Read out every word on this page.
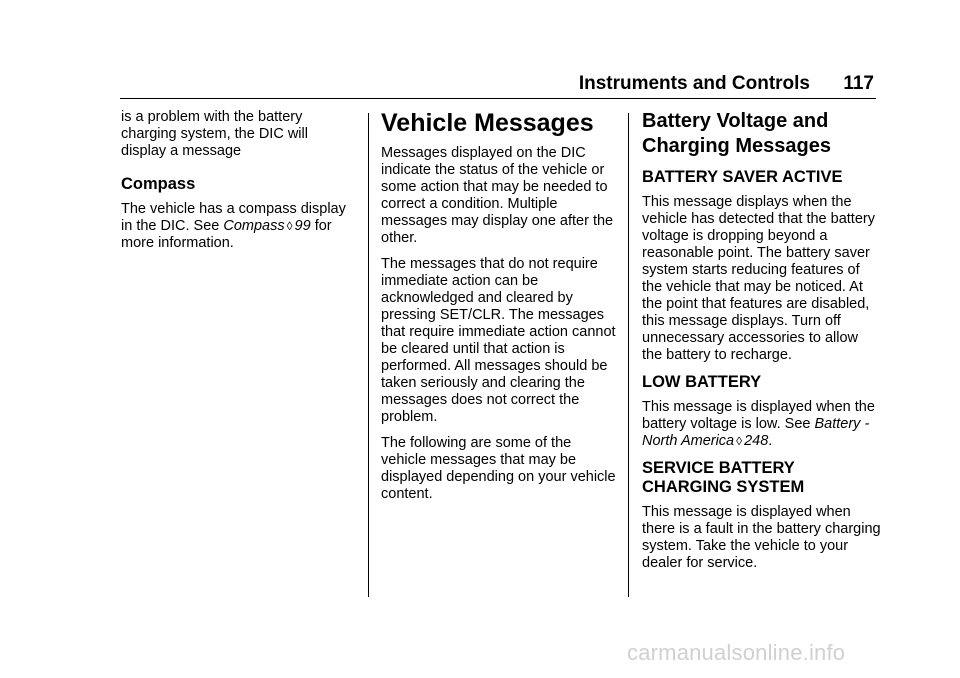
Instruments and Controls 117

is a problem with the battery charging system, the DIC will display a message

Compass

The vehicle has a compass display in the DIC. See Compass ◊ 99 for more information.

Vehicle Messages

Messages displayed on the DIC indicate the status of the vehicle or some action that may be needed to correct a condition. Multiple messages may display one after the other.

The messages that do not require immediate action can be acknowledged and cleared by pressing SET/CLR. The messages that require immediate action cannot be cleared until that action is performed. All messages should be taken seriously and clearing the messages does not correct the problem.

The following are some of the vehicle messages that may be displayed depending on your vehicle content.

Battery Voltage and
Charging Messages
BATTERY SAVER ACTIVE

This message displays when the vehicle has detected that the battery voltage is dropping beyond a reasonable point. The battery saver system starts reducing features of the vehicle that may be noticed. At the point that features are disabled, this message displays. Turn off unnecessary accessories to allow the battery to recharge.

LOW BATTERY

This message is displayed when the battery voltage is low. See Battery - North America ◊ 248.

SERVICE BATTERY
CHARGING SYSTEM

This message is displayed when there is a fault in the battery charging system. Take the vehicle to your dealer for service.

carmanualsonline.info
